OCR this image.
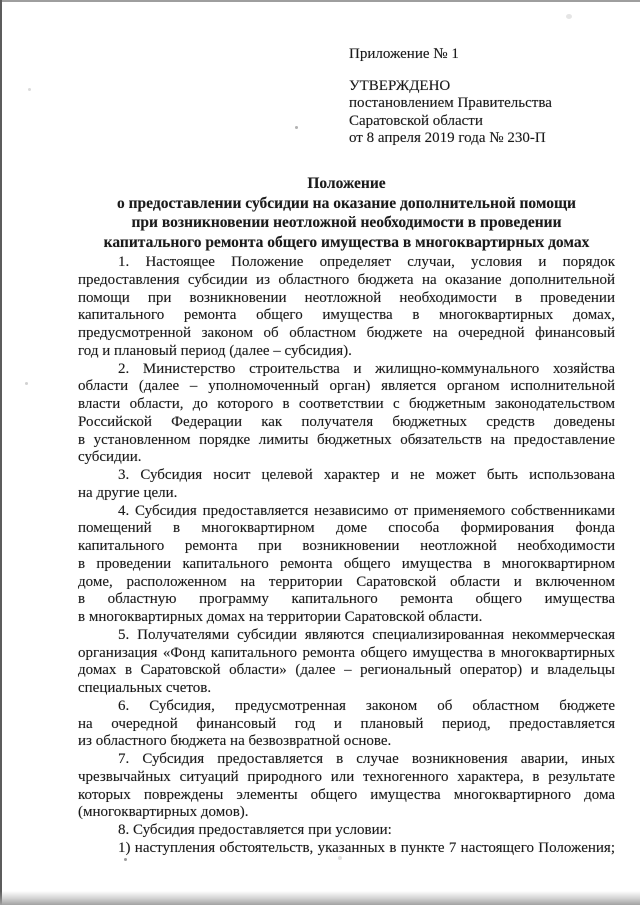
Приложение № 1
УТВЕРЖДЕНО
постановлением Правительства
Саратовской области
от 8 апреля 2019 года № 230-П
Положение
о предоставлении субсидии на оказание дополнительной помощи
при возникновении неотложной необходимости в проведении
капитального ремонта общего имущества в многоквартирных домах
1. Настоящее Положение определяет случаи, условия и порядок
предоставления субсидии из областного бюджета на оказание дополнительной
помощи при возникновении неотложной необходимости в проведении
капитального ремонта общего имущества в многоквартирных домах,
предусмотренной законом об областном бюджете на очередной финансовый
год и плановый период (далее – субсидия).
2. Министерство строительства и жилищно-коммунального хозяйства
области (далее – уполномоченный орган) является органом исполнительной
власти области, до которого в соответствии с бюджетным законодательством
Российской Федерации как получателя бюджетных средств доведены
в установленном порядке лимиты бюджетных обязательств на предоставление
субсидии.
3. Субсидия носит целевой характер и не может быть использована
на другие цели.
4. Субсидия предоставляется независимо от применяемого собственниками
помещений в многоквартирном доме способа формирования фонда
капитального ремонта при возникновении неотложной необходимости
в проведении капитального ремонта общего имущества в многоквартирном
доме, расположенном на территории Саратовской области и включенном
в областную программу капитального ремонта общего имущества
в многоквартирных домах на территории Саратовской области.
5. Получателями субсидии являются специализированная некоммерческая
организация «Фонд капитального ремонта общего имущества в многоквартирных
домах в Саратовской области» (далее – региональный оператор) и владельцы
специальных счетов.
6. Субсидия, предусмотренная законом об областном бюджете
на очередной финансовый год и плановый период, предоставляется
из областного бюджета на безвозвратной основе.
7. Субсидия предоставляется в случае возникновения аварии, иных
чрезвычайных ситуаций природного или техногенного характера, в результате
которых повреждены элементы общего имущества многоквартирного дома
(многоквартирных домов).
8. Субсидия предоставляется при условии:
1) наступления обстоятельств, указанных в пункте 7 настоящего Положения;
